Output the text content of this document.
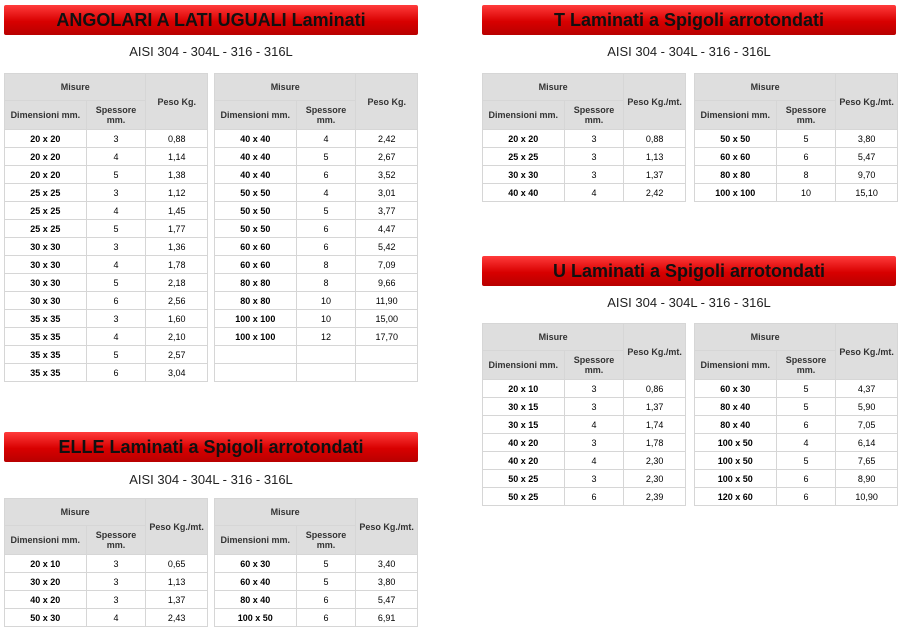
ANGOLARI A LATI UGUALI Laminati
AISI 304 - 304L - 316 - 316L
Misure		Peso Kg.
Dimensioni mm.	Spessore mm.	
20 x 20	3	0,88
20 x 20	4	1,14
20 x 20	5	1,38
25 x 25	3	1,12
25 x 25	4	1,45
25 x 25	5	1,77
30 x 30	3	1,36
30 x 30	4	1,78
30 x 30	5	2,18
30 x 30	6	2,56
35 x 35	3	1,60
35 x 35	4	2,10
35 x 35	5	2,57
35 x 35	6	3,04
Misure		Peso Kg.
Dimensioni mm.	Spessore mm.	
40 x 40	4	2,42
40 x 40	5	2,67
40 x 40	6	3,52
50 x 50	4	3,01
50 x 50	5	3,77
50 x 50	6	4,47
60 x 60	6	5,42
60 x 60	8	7,09
80 x 80	8	9,66
80 x 80	10	11,90
100 x 100	10	15,00
100 x 100	12	17,70

ELLE Laminati a Spigoli arrotondati
AISI 304 - 304L - 316 - 316L
Misure		Peso Kg./mt.
Dimensioni mm.	Spessore mm.	
20 x 10	3	0,65
30 x 20	3	1,13
40 x 20	3	1,37
50 x 30	4	2,43
Misure		Peso Kg./mt.
Dimensioni mm.	Spessore mm.	
60 x 30	5	3,40
60 x 40	5	3,80
80 x 40	6	5,47
100 x 50	6	6,91
T Laminati a Spigoli arrotondati
AISI 304 - 304L - 316 - 316L
Misure		Peso Kg./mt.
Dimensioni mm.	Spessore mm.	
20 x 20	3	0,88
25 x 25	3	1,13
30 x 30	3	1,37
40 x 40	4	2,42
Misure		Peso Kg./mt.
Dimensioni mm.	Spessore mm.	
50 x 50	5	3,80
60 x 60	6	5,47
80 x 80	8	9,70
100 x 100	10	15,10
U Laminati a Spigoli arrotondati
AISI 304 - 304L - 316 - 316L
Misure		Peso Kg./mt.
Dimensioni mm.	Spessore mm.	
20 x 10	3	0,86
30 x 15	3	1,37
30 x 15	4	1,74
40 x 20	3	1,78
40 x 20	4	2,30
50 x 25	3	2,30
50 x 25	6	2,39
Misure		Peso Kg./mt.
Dimensioni mm.	Spessore mm.	
60 x 30	5	4,37
80 x 40	5	5,90
80 x 40	6	7,05
100 x 50	4	6,14
100 x 50	5	7,65
100 x 50	6	8,90
120 x 60	6	10,90
